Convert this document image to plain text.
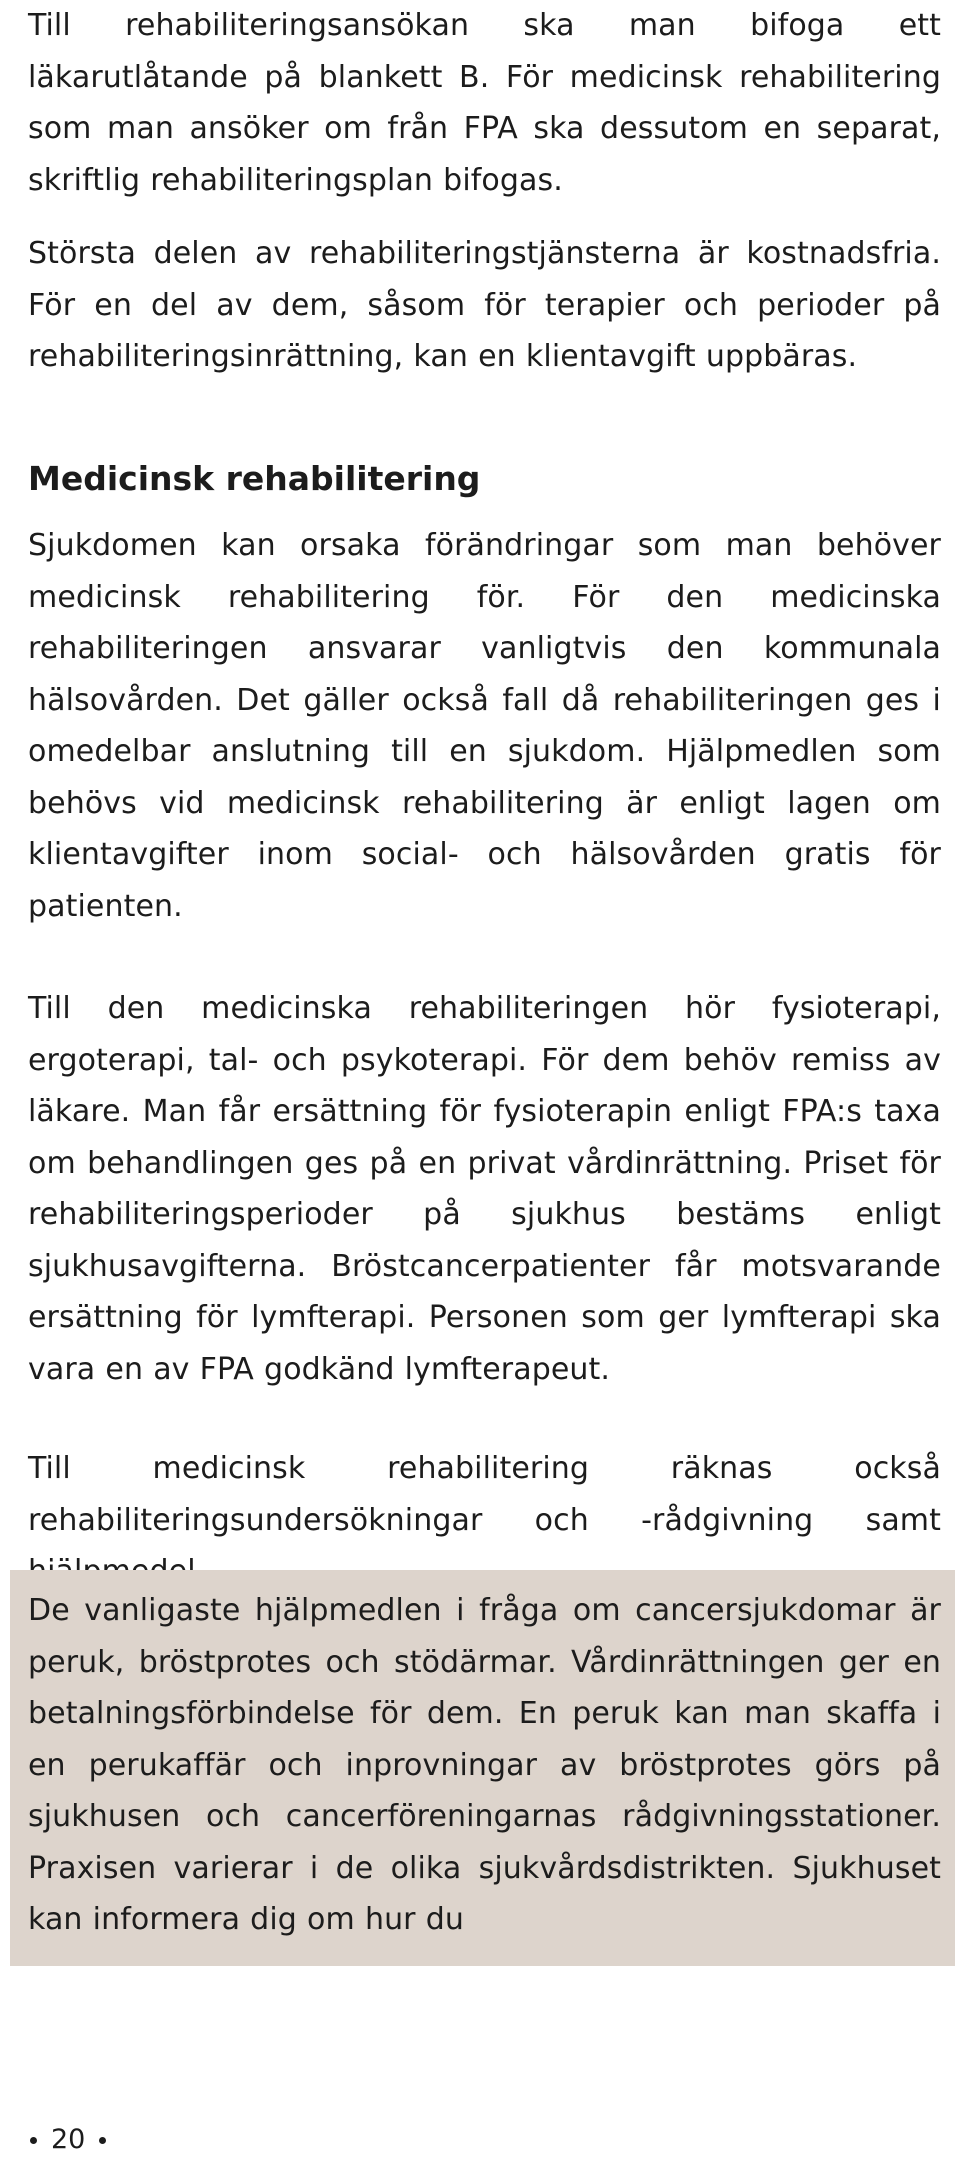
Till rehabiliteringsansökan ska man bifoga ett läkarutlåtande på blankett B. För medicinsk rehabilitering som man ansöker om från FPA ska dessutom en separat, skriftlig rehabiliteringsplan bifogas.

Största delen av rehabiliteringstjänsterna är kostnadsfria. För en del av dem, såsom för terapier och perioder på rehabiliteringsinrättning, kan en klientavgift uppbäras.

Medicinsk rehabilitering

Sjukdomen kan orsaka förändringar som man behöver medicinsk rehabilitering för. För den medicinska rehabiliteringen ansvarar vanligtvis den kommunala hälsovården. Det gäller också fall då rehabiliteringen ges i omedelbar anslutning till en sjukdom. Hjälpmedlen som behövs vid medicinsk rehabilitering är enligt lagen om klientavgifter inom social- och hälsovården gratis för patienten.

Till den medicinska rehabiliteringen hör fysioterapi, ergoterapi, tal- och psykoterapi. För dem behöv remiss av läkare. Man får ersättning för fysioterapin enligt FPA:s taxa om behandlingen ges på en privat vårdinrättning. Priset för rehabiliteringsperioder på sjukhus bestäms enligt sjukhusavgifterna. Bröstcancerpatienter får motsvarande ersättning för lymfterapi. Personen som ger lymfterapi ska vara en av FPA godkänd lymfterapeut.

Till medicinsk rehabilitering räknas också rehabiliteringsundersökningar och -rådgivning samt

De vanligaste hjälpmedlen i fråga om cancersjukdomar är peruk, bröstprotes och stödärmar. Vårdinrättningen ger en betalningsförbindelse för dem. En peruk kan man skaffa i en perukaffär och inprovningar av bröstprotes görs på sjukhusen och cancerföreningarnas rådgivningsstationer. Praxisen varierar i de olika sjukvårdsdistrikten. Sjukhuset kan informera dig om hur du

20
